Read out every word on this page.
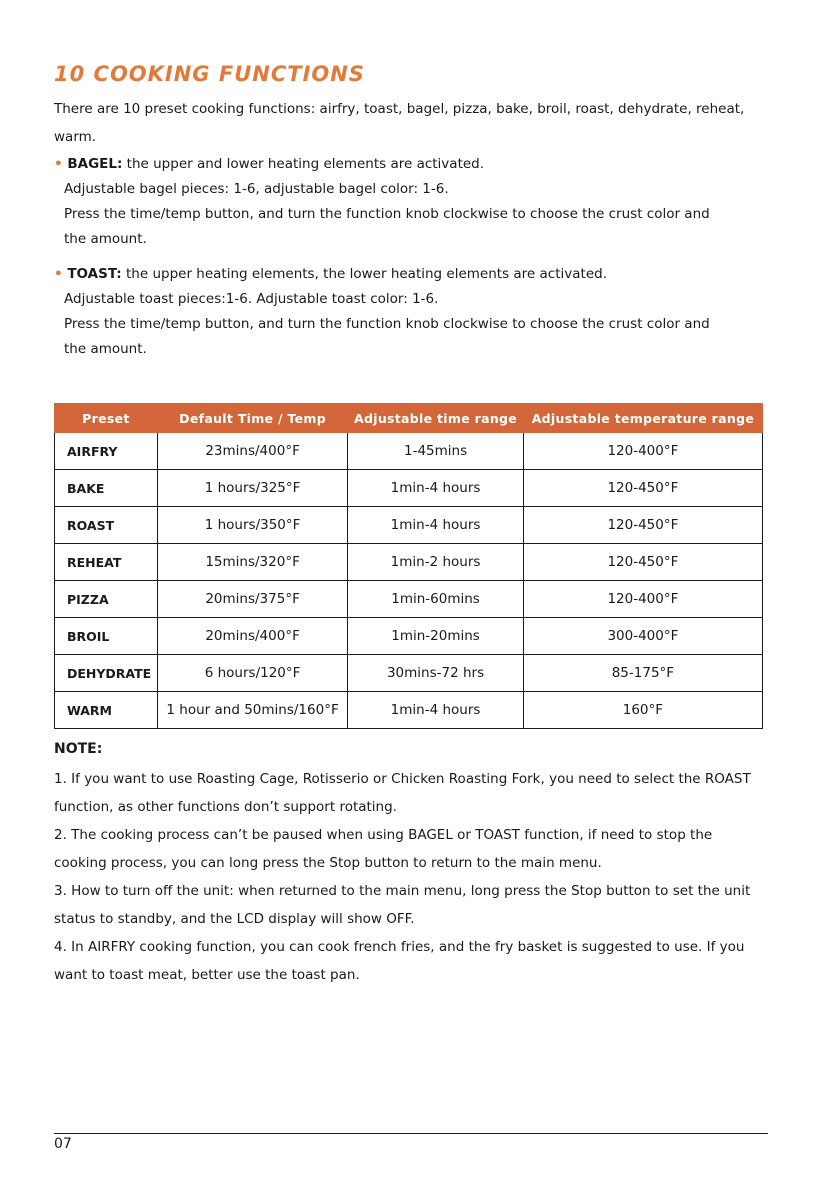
10 COOKING FUNCTIONS

There are 10 preset cooking functions: airfry, toast, bagel, pizza, bake, broil, roast, dehydrate, reheat, warm.

• BAGEL: the upper and lower heating elements are activated.
Adjustable bagel pieces: 1-6, adjustable bagel color: 1-6.
Press the time/temp button, and turn the function knob clockwise to choose the crust color and
the amount.
• TOAST: the upper heating elements, the lower heating elements are activated.
Adjustable toast pieces:1-6. Adjustable toast color: 1-6.
Press the time/temp button, and turn the function knob clockwise to choose the crust color and
the amount.
Preset	Default Time / Temp	Adjustable time range	Adjustable temperature range
AIRFRY	23mins/400°F	1-45mins	120-400°F
BAKE	1 hours/325°F	1min-4 hours	120-450°F
ROAST	1 hours/350°F	1min-4 hours	120-450°F
REHEAT	15mins/320°F	1min-2 hours	120-450°F
PIZZA	20mins/375°F	1min-60mins	120-400°F
BROIL	20mins/400°F	1min-20mins	300-400°F
DEHYDRATE	6 hours/120°F	30mins-72 hrs	85-175°F
WARM	1 hour and 50mins/160°F	1min-4 hours	160°F
NOTE:
1. If you want to use Roasting Cage, Rotisserio or Chicken Roasting Fork, you need to select the ROAST function, as other functions don’t support rotating.
2. The cooking process can’t be paused when using BAGEL or TOAST function, if need to stop the cooking process, you can long press the Stop button to return to the main menu.
3. How to turn off the unit: when returned to the main menu, long press the Stop button to set the unit status to standby, and the LCD display will show OFF.
4. In AIRFRY cooking function, you can cook french fries, and the fry basket is suggested to use. If you want to toast meat, better use the toast pan.
07
